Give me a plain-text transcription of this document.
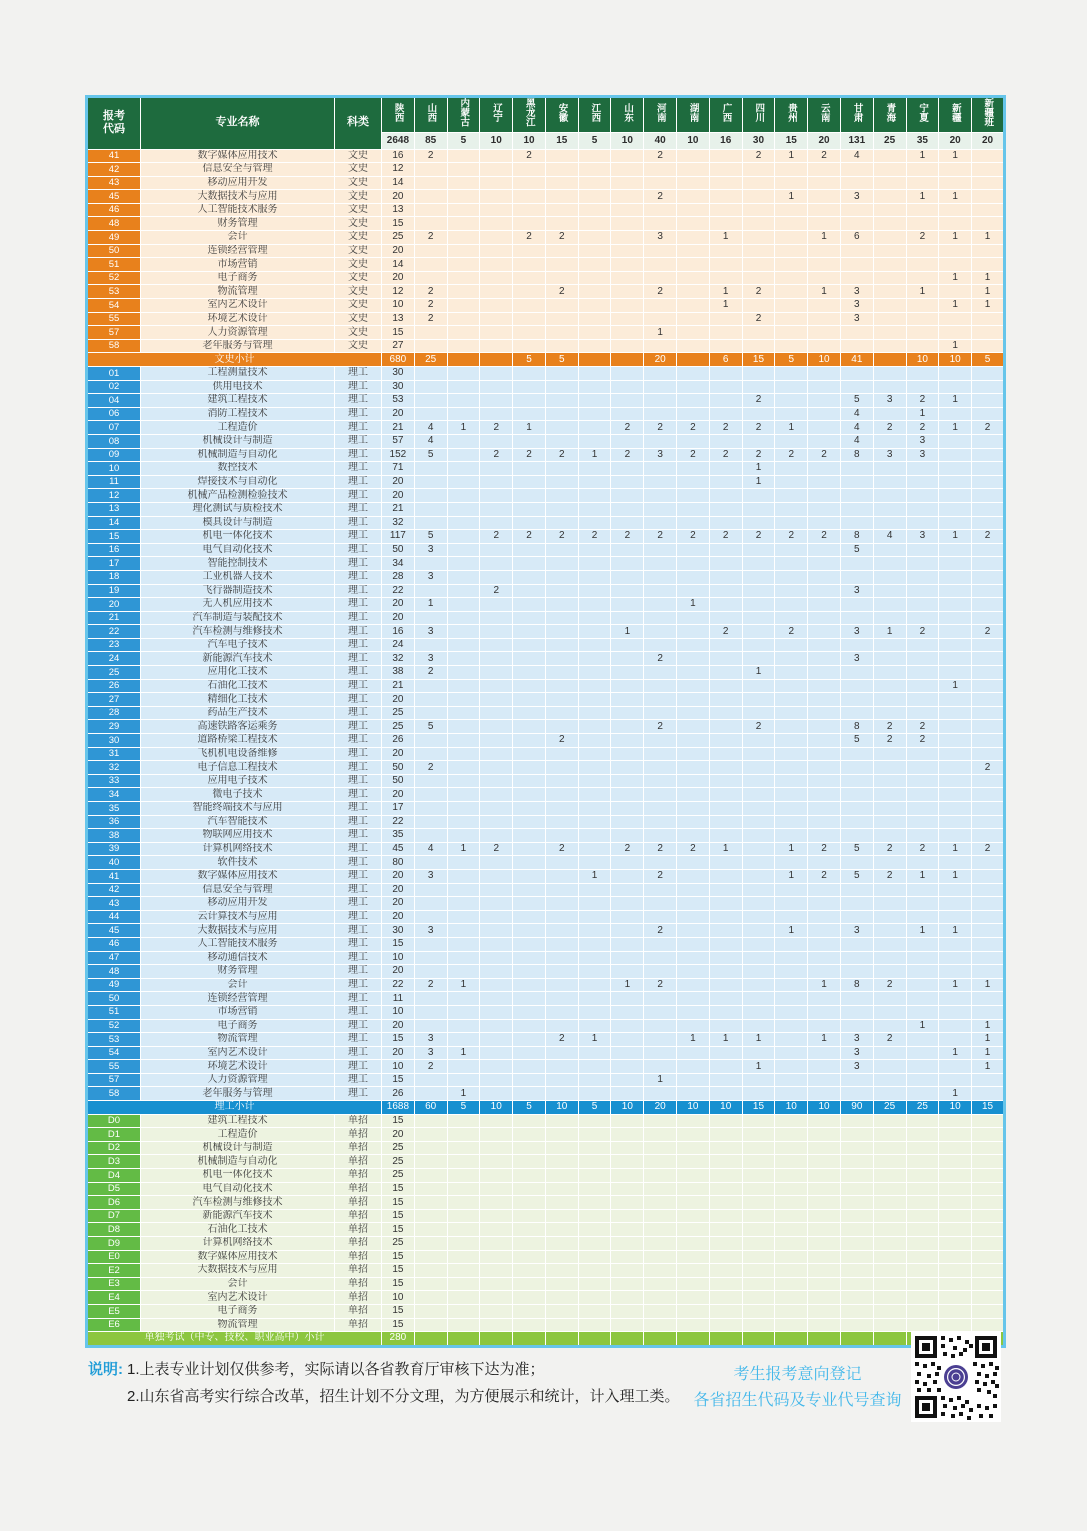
报考代码	专业名称	科类	陕西	山西	内蒙古	辽宁	黑龙江	安徽	江西	山东	河南	湖南	广西	四川	贵州	云南	甘肃	青海	宁夏	新疆	新疆班
			2648	85	5	10	10	15	5	10	40	10	16	30	15	20	131	25	35	20	20
41	数字媒体应用技术	文史	16	2			2				2			2	1	2	4		1	1	
42	信息安全与管理	文史	12																		
43	移动应用开发	文史	14																		
45	大数据技术与应用	文史	20								2				1		3		1	1	
46	人工智能技术服务	文史	13																		
48	财务管理	文史	15																		
49	会计	文史	25	2			2	2			3		1			1	6		2	1	1
50	连锁经营管理	文史	20																		
51	市场营销	文史	14																		
52	电子商务	文史	20																	1	1
53	物流管理	文史	12	2				2			2		1	2		1	3		1		1
54	室内艺术设计	文史	10	2									1				3			1	1
55	环境艺术设计	文史	13	2										2			3				
57	人力资源管理	文史	15								1										
58	老年服务与管理	文史	27																	1	
文史小计			680	25			5	5			20		6	15	5	10	41		10	10	5
01	工程测量技术	理工	30																		
02	供用电技术	理工	30																		
04	建筑工程技术	理工	53											2			5	3	2	1	
06	消防工程技术	理工	20														4		1		
07	工程造价	理工	21	4	1	2	1			2	2	2	2	2	1		4	2	2	1	2
08	机械设计与制造	理工	57	4													4		3		
09	机械制造与自动化	理工	152	5		2	2	2	1	2	3	2	2	2	2	2	8	3	3		
10	数控技术	理工	71											1							
11	焊接技术与自动化	理工	20											1							
12	机械产品检测检验技术	理工	20																		
13	理化测试与质检技术	理工	21																		
14	模具设计与制造	理工	32																		
15	机电一体化技术	理工	117	5		2	2	2	2	2	2	2	2	2	2	2	8	4	3	1	2
16	电气自动化技术	理工	50	3													5				
17	智能控制技术	理工	34																		
18	工业机器人技术	理工	28	3																	
19	飞行器制造技术	理工	22			2											3				
20	无人机应用技术	理工	20	1								1									
21	汽车制造与装配技术	理工	20																		
22	汽车检测与维修技术	理工	16	3						1			2		2		3	1	2		2
23	汽车电子技术	理工	24																		
24	新能源汽车技术	理工	32	3							2						3				
25	应用化工技术	理工	38	2										1							
26	石油化工技术	理工	21																	1	
27	精细化工技术	理工	20																		
28	药品生产技术	理工	25																		
29	高速铁路客运乘务	理工	25	5							2			2			8	2	2		
30	道路桥梁工程技术	理工	26					2									5	2	2		
31	飞机机电设备维修	理工	20																		
32	电子信息工程技术	理工	50	2																	2
33	应用电子技术	理工	50																		
34	微电子技术	理工	20																		
35	智能终端技术与应用	理工	17																		
36	汽车智能技术	理工	22																		
38	物联网应用技术	理工	35																		
39	计算机网络技术	理工	45	4	1	2		2		2	2	2	1		1	2	5	2	2	1	2
40	软件技术	理工	80																		
41	数字媒体应用技术	理工	20	3					1		2				1	2	5	2	1	1	
42	信息安全与管理	理工	20																		
43	移动应用开发	理工	20																		
44	云计算技术与应用	理工	20																		
45	大数据技术与应用	理工	30	3							2				1		3		1	1	
46	人工智能技术服务	理工	15																		
47	移动通信技术	理工	10																		
48	财务管理	理工	20																		
49	会计	理工	22	2	1					1	2					1	8	2		1	1
50	连锁经营管理	理工	11																		
51	市场营销	理工	10																		
52	电子商务	理工	20																1		1
53	物流管理	理工	15	3				2	1			1	1	1		1	3	2			1
54	室内艺术设计	理工	20	3	1												3			1	1
55	环境艺术设计	理工	10	2										1			3				1
57	人力资源管理	理工	15								1										
58	老年服务与管理	理工	26		1															1	
理工小计			1688	60	5	10	5	10	5	10	20	10	10	15	10	10	90	25	25	10	15
D0	建筑工程技术	单招	15																		
D1	工程造价	单招	20																		
D2	机械设计与制造	单招	25																		
D3	机械制造与自动化	单招	25																		
D4	机电一体化技术	单招	25																		
D5	电气自动化技术	单招	15																		
D6	汽车检测与维修技术	单招	15																		
D7	新能源汽车技术	单招	15																		
D8	石油化工技术	单招	15																		
D9	计算机网络技术	单招	25																		
E0	数字媒体应用技术	单招	15																		
E2	大数据技术与应用	单招	15																		
E3	会计	单招	15																		
E4	室内艺术设计	单招	10																		
E5	电子商务	单招	15																		
E6	物流管理	单招	15																		
单独考试（中专、技校、职业高中）小计			280																		
说明: 1.上表专业计划仅供参考，实际请以各省教育厅审核下达为准；
2.山东省高考实行综合改革，招生计划不分文理，为方便展示和统计，计入理工类。
考生报考意向登记
各省招生代码及专业代号查询
